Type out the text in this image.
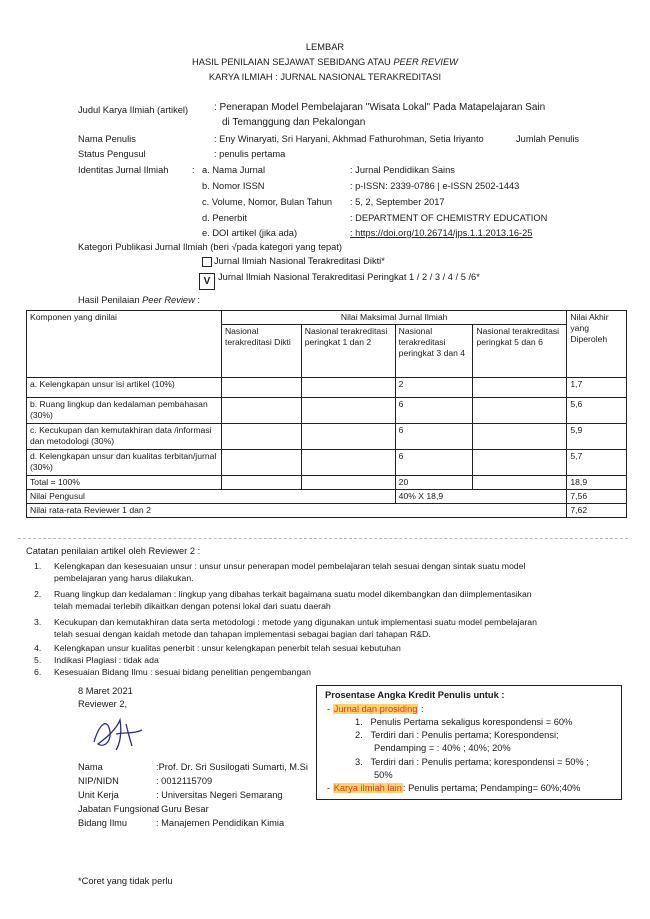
LEMBAR
HASIL PENILAIAN SEJAWAT SEBIDANG ATAU PEER REVIEW
KARYA ILMIAH : JURNAL NASIONAL TERAKREDITASI
Judul Karya Ilmiah (artikel)	: Penerapan Model Pembelajaran "Wisata Lokal" Pada Matapelajaran Sain
di Temanggung dan Pekalongan
Nama Penulis	: Eny Winaryati, Sri Haryani, Akhmad Fathurohman, Setia Iriyanto	Jumlah Penulis
Status Pengusul	: penulis pertama
Identitas Jurnal Ilmiah	: a. Nama Jurnal	: Jurnal Pendidikan Sains
b. Nomor ISSN	: p-ISSN: 2339-0786 | e-ISSN 2502-1443
c. Volume, Nomor, Bulan Tahun : 5, 2, September 2017
d. Penerbit	: DEPARTMENT OF CHEMISTRY EDUCATION
e. DOI artikel (jika ada)	: https://doi.org/10.26714/jps.1.1.2013.16-25
Kategori Publikasi Jurnal Ilmiah (beri √pada kategori yang tepat)
Jurnal Ilmiah Nasional Terakreditasi Dikti*
V Jurnal Ilmiah Nasional Terakreditasi Peringkat 1 / 2 / 3 / 4 / 5 /6*
Hasil Penilaian Peer Review :
Komponen yang dinilai	Nilai Maksimal Jurnal Ilmiah				Nilai Akhir yang Diperoleh
	Nasional terakreditasi Dikti	Nasional terakreditasi peringkat 1 dan 2	Nasional terakreditasi peringkat 3 dan 4	Nasional terakreditasi peringkat 5 dan 6	
a. Kelengkapan unsur isi artikel (10%)			2		1,7
b. Ruang lingkup dan kedalaman pembahasan (30%)			6		5,6
c. Kecukupan dan kemutakhiran data /informasi dan metodologi (30%)			6		5,9
d. Kelengkapan unsur dan kualitas terbitan/jurnal (30%)			6		5,7
Total = 100%			20		18,9
Nilai Pengusul			40% X 18,9		7,56
Nilai rata-rata Reviewer 1 dan 2					7,62
Catatan penilaian artikel oleh Reviewer 2 :
1. Kelengkapan dan kesesuaian unsur : unsur unsur penerapan model pembelajaran telah sesuai dengan sintak suatu model
pembelajaran yang harus dilakukan.
2. Ruang lingkup dan kedalaman : lingkup yang dibahas terkait bagaimana suatu model dikembangkan dan diimplementasikan
telah memadai terlebih dikaitkan dengan potensi lokal dari suatu daerah
3. Kecukupan dan kemutakhiran data serta metodologi : metode yang digunakan untuk implementasi suatu model pembelajaran
telah sesuai dengan kaidah metode dan tahapan implementasi sebagai bagian dari tahapan R&D.
4. Kelengkapan unsur kualitas penerbit : unsur kelengkapan penerbit telah sesuai kebutuhan
5. Indikasi Plagiasi : tidak ada
6. Kesesuaian Bidang Ilmu : sesuai bidang penelitian pengembangan
8 Maret 2021
Reviewer 2,
Nama	:Prof. Dr. Sri Susilogati Sumarti, M.Si
NIP/NIDN	: 0012115709
Unit Kerja	: Universitas Negeri Semarang
Jabatan Fungsional
: Guru Besar
Bidang Ilmu	: Manajemen Pendidikan Kimia
Prosentase Angka Kredit Penulis untuk :
- Jurnal dan prosiding :
1.   Penulis Pertama sekaligus korespondensi = 60%
2.   Terdiri dari : Penulis pertama; Korespondensi;
Pendamping = : 40% ; 40%; 20%
3.   Terdiri dari : Penulis pertama; korespondensi = 50% ;
50%
- Karya ilmiah lain: Penulis pertama; Pendamping= 60%;40%
*Coret yang tidak perlu
